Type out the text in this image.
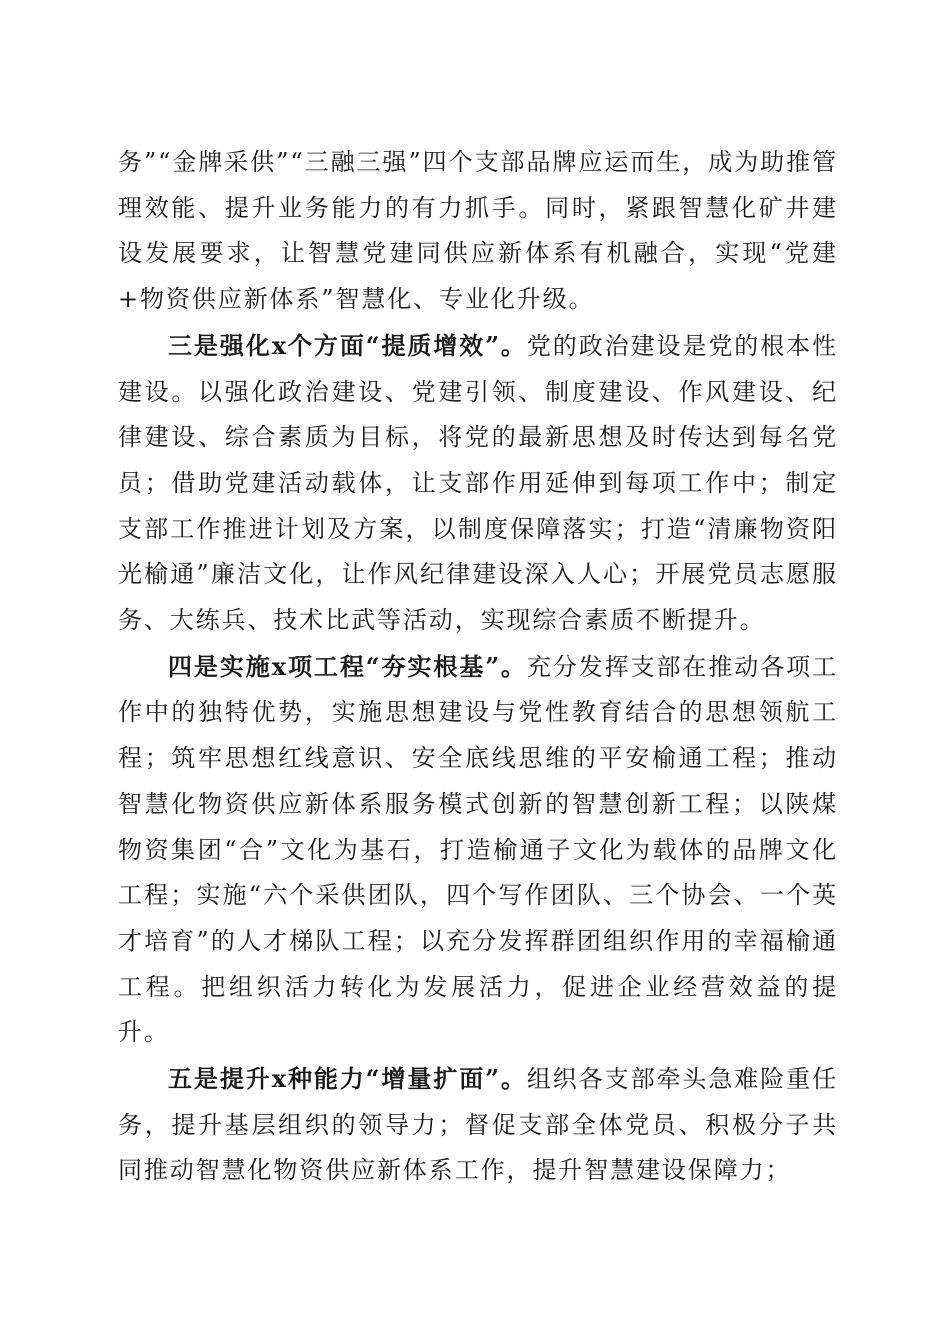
务”“金牌采供”“三融三强”四个支部品牌应运而生，成为助推管理效能、提升业务能力的有力抓手。同时，紧跟智慧化矿井建设发展要求，让智慧党建同供应新体系有机融合，实现“党建+物资供应新体系”智慧化、专业化升级。

三是强化x个方面“提质增效”。党的政治建设是党的根本性建设。以强化政治建设、党建引领、制度建设、作风建设、纪律建设、综合素质为目标，将党的最新思想及时传达到每名党员；借助党建活动载体，让支部作用延伸到每项工作中；制定支部工作推进计划及方案，以制度保障落实；打造“清廉物资阳光榆通”廉洁文化，让作风纪律建设深入人心；开展党员志愿服务、大练兵、技术比武等活动，实现综合素质不断提升。

四是实施x项工程“夯实根基”。充分发挥支部在推动各项工作中的独特优势，实施思想建设与党性教育结合的思想领航工程；筑牢思想红线意识、安全底线思维的平安榆通工程；推动智慧化物资供应新体系服务模式创新的智慧创新工程；以陕煤物资集团“合”文化为基石，打造榆通子文化为载体的品牌文化工程；实施“六个采供团队，四个写作团队、三个协会、一个英才培育”的人才梯队工程；以充分发挥群团组织作用的幸福榆通工程。把组织活力转化为发展活力，促进企业经营效益的提升。

五是提升x种能力“增量扩面”。组织各支部牵头急难险重任务，提升基层组织的领导力；督促支部全体党员、积极分子共同推动智慧化物资供应新体系工作，提升智慧建设保障力；
